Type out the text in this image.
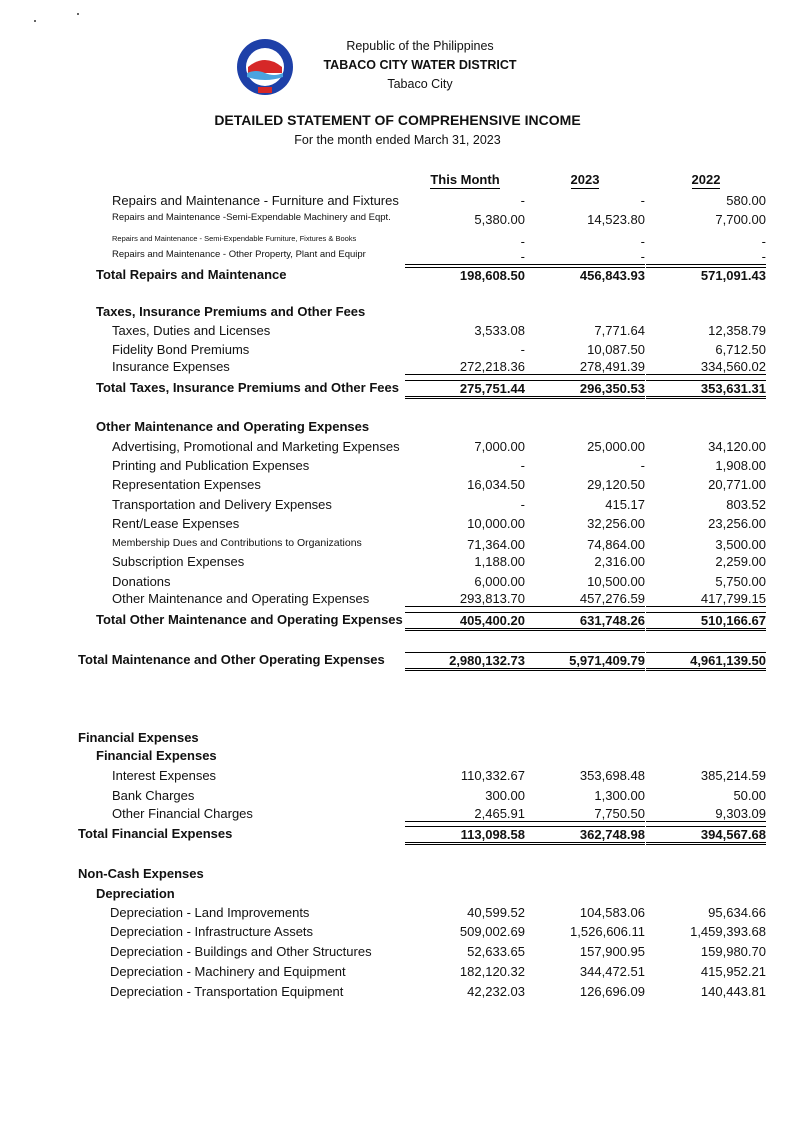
Republic of the Philippines
TABACO CITY WATER DISTRICT
Tabaco City
DETAILED STATEMENT OF COMPREHENSIVE INCOME
For the month ended March 31, 2023
This Month	2023	2022
Repairs and Maintenance - Furniture and Fixtures	-	-	580.00
Repairs and Maintenance -Semi-Expendable Machinery and Eqpt.	5,380.00	14,523.80	7,700.00
Repairs and Maintenance - Semi-Expendable Furniture, Fixtures & Books	-	-	-
Repairs and Maintenance - Other Property, Plant and Equipr	-	-	-
Total Repairs and Maintenance	198,608.50	456,843.93	571,091.43
Taxes, Insurance Premiums and Other Fees
Taxes, Duties and Licenses	3,533.08	7,771.64	12,358.79
Fidelity Bond Premiums	-	10,087.50	6,712.50
Insurance Expenses	272,218.36	278,491.39	334,560.02
Total Taxes, Insurance Premiums and Other Fees	275,751.44	296,350.53	353,631.31
Other Maintenance and Operating Expenses
Advertising, Promotional and Marketing Expenses	7,000.00	25,000.00	34,120.00
Printing and Publication Expenses	-	-	1,908.00
Representation Expenses	16,034.50	29,120.50	20,771.00
Transportation and Delivery Expenses	-	415.17	803.52
Rent/Lease Expenses	10,000.00	32,256.00	23,256.00
Membership Dues and Contributions to Organizations	71,364.00	74,864.00	3,500.00
Subscription Expenses	1,188.00	2,316.00	2,259.00
Donations	6,000.00	10,500.00	5,750.00
Other Maintenance and Operating Expenses	293,813.70	457,276.59	417,799.15
Total Other Maintenance and Operating Expenses	405,400.20	631,748.26	510,166.67
Total Maintenance and Other Operating Expenses	2,980,132.73	5,971,409.79	4,961,139.50
Financial Expenses
Financial Expenses
Interest Expenses	110,332.67	353,698.48	385,214.59
Bank Charges	300.00	1,300.00	50.00
Other Financial Charges	2,465.91	7,750.50	9,303.09
Total Financial Expenses	113,098.58	362,748.98	394,567.68
Non-Cash Expenses
Depreciation
Depreciation - Land Improvements	40,599.52	104,583.06	95,634.66
Depreciation - Infrastructure Assets	509,002.69	1,526,606.11	1,459,393.68
Depreciation - Buildings and Other Structures	52,633.65	157,900.95	159,980.70
Depreciation - Machinery and Equipment	182,120.32	344,472.51	415,952.21
Depreciation - Transportation Equipment	42,232.03	126,696.09	140,443.81
